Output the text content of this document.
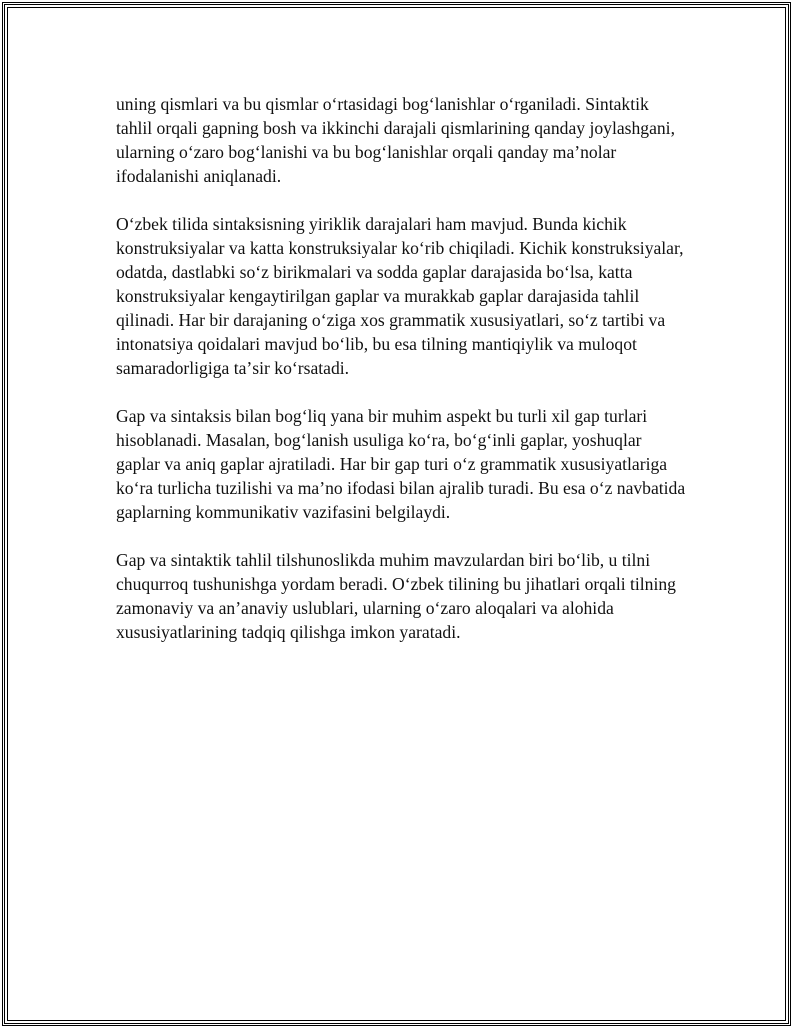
uning qismlari va bu qismlar oʻrtasidagi bogʻlanishlar oʻrganiladi. Sintaktik tahlil orqali gapning bosh va ikkinchi darajali qismlarining qanday joylashgani, ularning oʻzaro bogʻlanishi va bu bogʻlanishlar orqali qanday maʼnolar ifodalanishi aniqlanadi.

Oʻzbek tilida sintaksisning yiriklik darajalari ham mavjud. Bunda kichik konstruksiyalar va katta konstruksiyalar koʻrib chiqiladi. Kichik konstruksiyalar, odatda, dastlabki soʻz birikmalari va sodda gaplar darajasida boʻlsa, katta konstruksiyalar kengaytirilgan gaplar va murakkab gaplar darajasida tahlil qilinadi. Har bir darajaning oʻziga xos grammatik xususiyatlari, soʻz tartibi va intonatsiya qoidalari mavjud boʻlib, bu esa tilning mantiqiylik va muloqot samaradorligiga taʼsir koʻrsatadi.

Gap va sintaksis bilan bogʻliq yana bir muhim aspekt bu turli xil gap turlari hisoblanadi. Masalan, bogʻlanish usuliga koʻra, boʻgʻinli gaplar, yoshuqlar gaplar va aniq gaplar ajratiladi. Har bir gap turi oʻz grammatik xususiyatlariga koʻra turlicha tuzilishi va maʼno ifodasi bilan ajralib turadi. Bu esa oʻz navbatida gaplarning kommunikativ vazifasini belgilaydi.

Gap va sintaktik tahlil tilshunoslikda muhim mavzulardan biri boʻlib, u tilni chuqurroq tushunishga yordam beradi. Oʻzbek tilining bu jihatlari orqali tilning zamonaviy va anʼanaviy uslublari, ularning oʻzaro aloqalari va alohida xususiyatlarining tadqiq qilishga imkon yaratadi.
